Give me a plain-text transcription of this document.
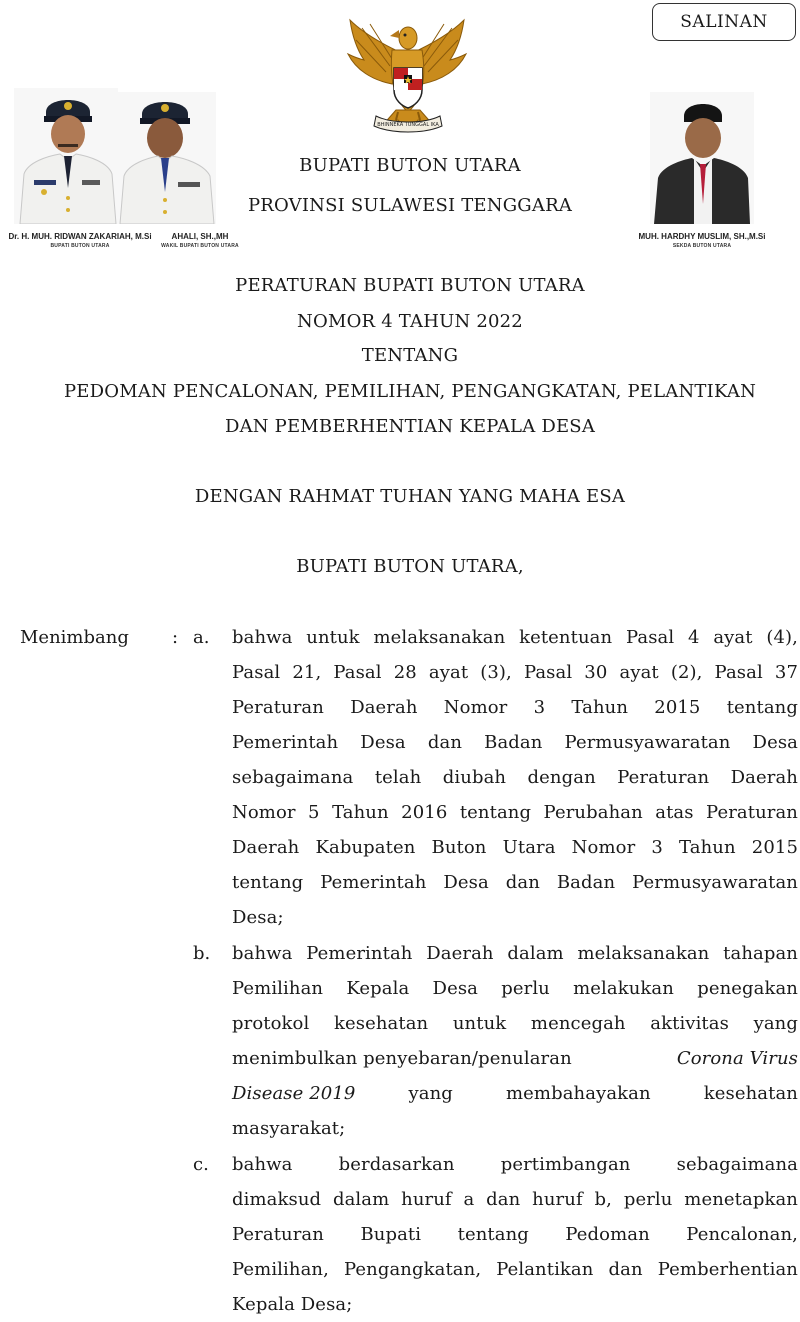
SALINAN
BHINNEKA TUNGGAL IKA
Dr. H. MUH. RIDWAN ZAKARIAH, M.Si
BUPATI BUTON UTARA
AHALI, SH.,MH
WAKIL BUPATI BUTON UTARA
MUH. HARDHY MUSLIM, SH.,M.Si
SEKDA BUTON UTARA
BUPATI BUTON UTARA
PROVINSI SULAWESI TENGGARA
PERATURAN BUPATI BUTON UTARA
NOMOR 4 TAHUN 2022
TENTANG
PEDOMAN PENCALONAN, PEMILIHAN, PENGANGKATAN, PELANTIKAN
DAN PEMBERHENTIAN KEPALA DESA
DENGAN RAHMAT TUHAN YANG MAHA ESA
BUPATI BUTON UTARA,
Menimbang : a. bahwa untuk melaksanakan ketentuan Pasal 4 ayat (4),
Pasal 21, Pasal 28 ayat (3), Pasal 30 ayat (2), Pasal 37
Peraturan Daerah Nomor 3 Tahun 2015 tentang
Pemerintah Desa dan Badan Permusyawaratan Desa
sebagaimana telah diubah dengan Peraturan Daerah
Nomor 5 Tahun 2016 tentang Perubahan atas Peraturan
Daerah Kabupaten Buton Utara Nomor 3 Tahun 2015
tentang Pemerintah Desa dan Badan Permusyawaratan
Desa;
b. bahwa Pemerintah Daerah dalam melaksanakan tahapan
Pemilihan Kepala Desa perlu melakukan penegakan
protokol kesehatan untuk mencegah aktivitas yang
menimbulkan penyebaran/penularan	Corona Virus
Disease 2019	yang	membahayakan	kesehatan
masyarakat;
c. bahwa berdasarkan pertimbangan sebagaimana
dimaksud dalam huruf a dan huruf b, perlu menetapkan
Peraturan Bupati tentang Pedoman Pencalonan,
Pemilihan, Pengangkatan, Pelantikan dan Pemberhentian
Kepala Desa;
